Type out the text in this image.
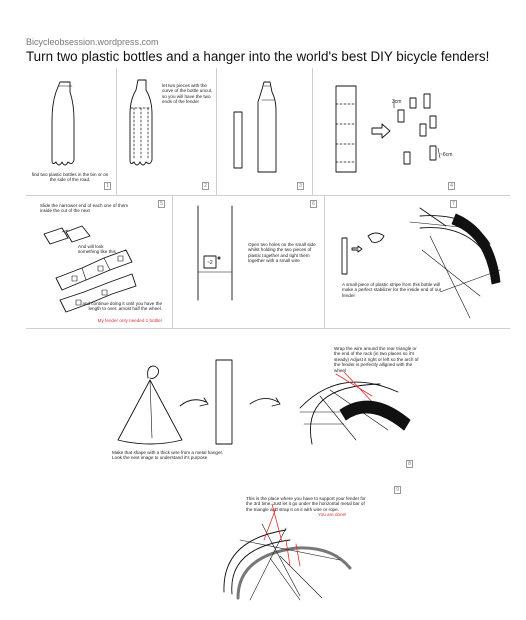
Bicycleobsession.wordpress.com
Turn two plastic bottles and a hanger into the world's best DIY bicycle fenders!
find two plastic bottles in the bin or on the side of the road.
1
let two pieces with the curve of the bottle uncut, so you will have the two ends of the fender
2	3
3cm
~6cm
4
Slide the narrower end of each one of them inside the cut of the next
And will look something like this
and continue doing it until you have the length to over, amost half the wheel.
My fender only needed 1 bottle!
5
~2
Open two holes on the small side whilst holding the two pieces of plastic together and tight them together with a small wire
6
A small piece of plastic stripe from this bottle will make a perfect stabilizer for the inside end of our fender
7
Make that shape with a thick wire from a metal hanger. Look the next image to understand it's purpose
Wrap the wire around the rear triangle or the end of the rack (in two places so it's steady) Adjust it right or left so the arch of the fender is perfectly alligned with the wheel
8
9
This is the place where you have to support your fender for the 3rd time. Just let it go under the horizontal metal bar of the triangle and strap it on it with wire or rope.
You are done!
